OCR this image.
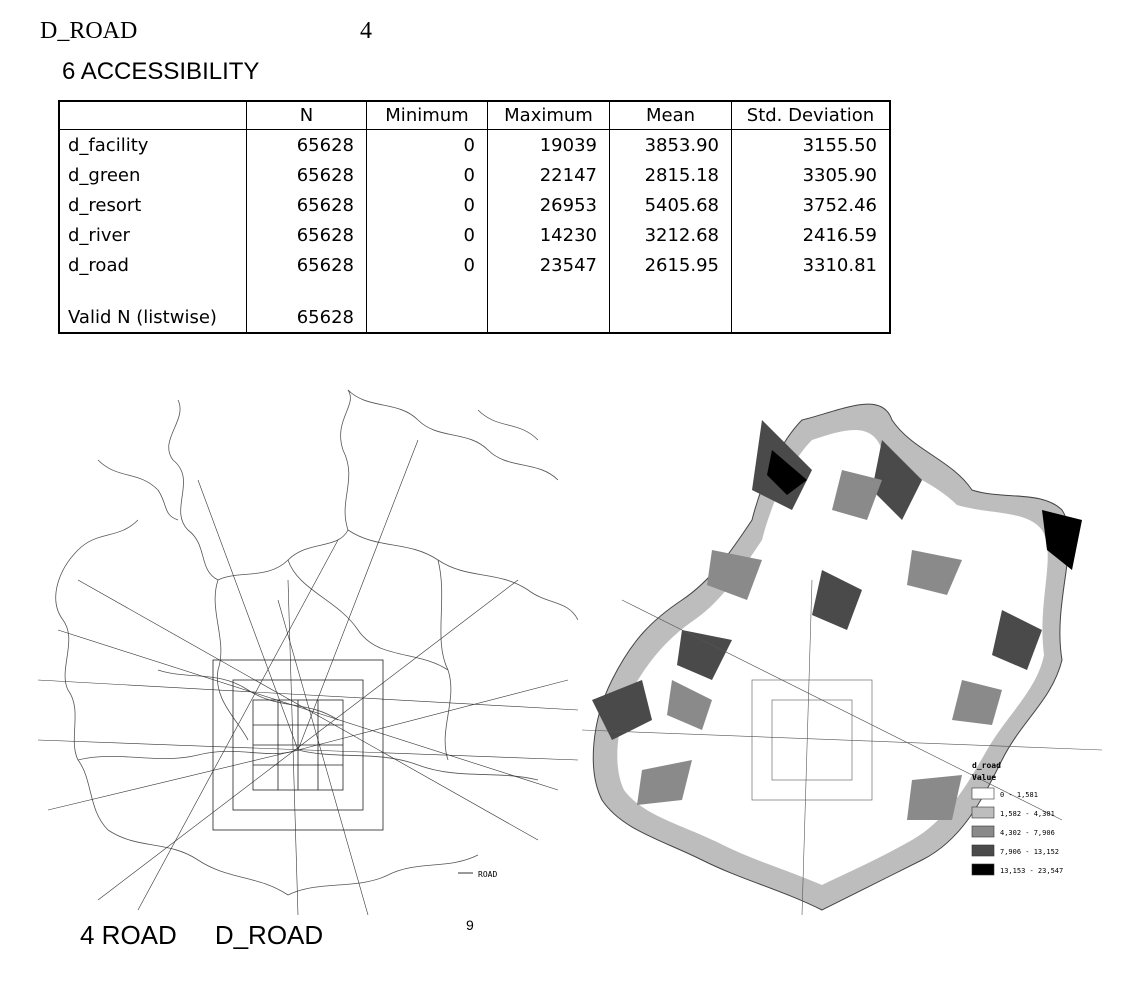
D_ROAD	4
6 ACCESSIBILITY
	N	Minimum	Maximum	Mean	Std. Deviation
d_facility	65628	0	19039	3853.90	3155.50
d_green	65628	0	22147	2815.18	3305.90
d_resort	65628	0	26953	5405.68	3752.46
d_river	65628	0	14230	3212.68	2416.59
d_road	65628	0	23547	2615.95	3310.81

Valid N (listwise)	65628				
ROAD
d_road
Value
0 - 1,581
1,582 - 4,301
4,302 - 7,906
7,906 - 13,152
13,153 - 23,547
4 ROAD D_ROAD	9
